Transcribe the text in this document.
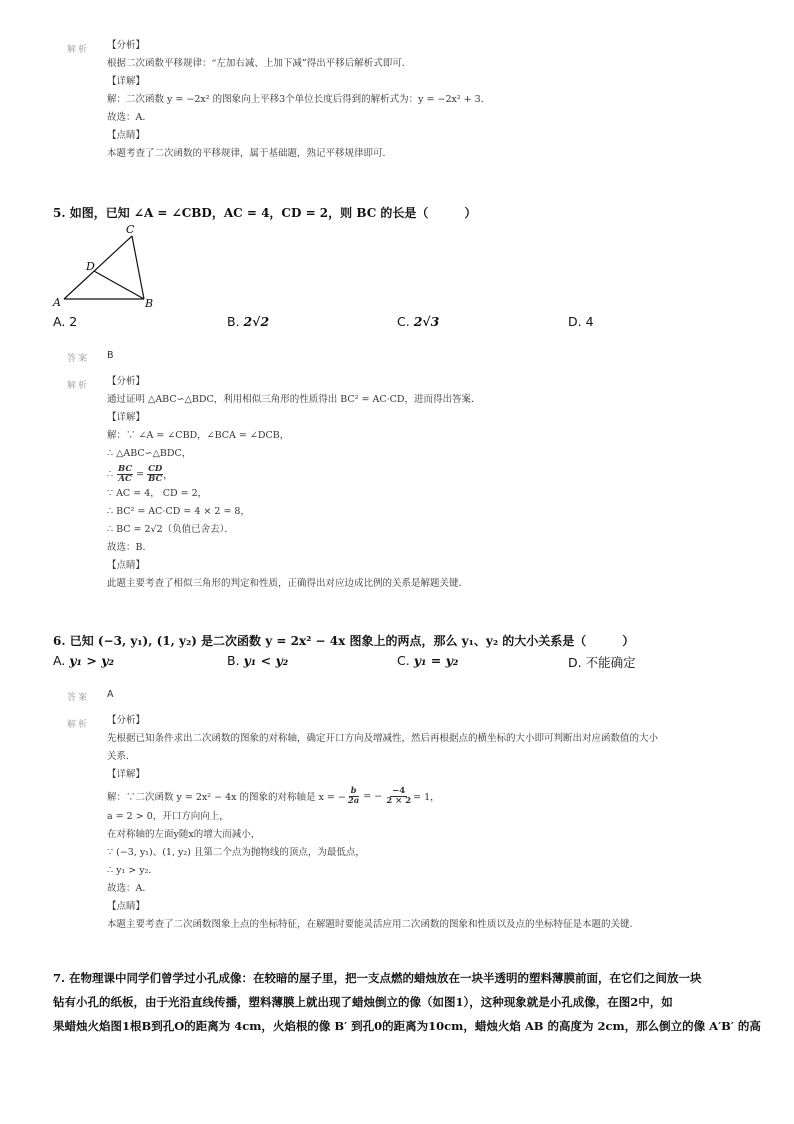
解析 【分析】
根据二次函数平移规律：“左加右减、上加下减”得出平移后解析式即可．
【详解】
解：二次函数 y = −2x² 的图象向上平移3个单位长度后得到的解析式为：y = −2x² + 3．
故选：A．
【点睛】
本题考查了二次函数的平移规律，属于基础题，熟记平移规律即可．
5. 如图，已知 ∠A = ∠CBD，AC = 4，CD = 2，则 BC 的长是（　　　）
C
D
A	B
A. 2	B. 2√2	C. 2√3	D. 4
答案 B
解析 【分析】
通过证明 △ABC∽△BDC，利用相似三角形的性质得出 BC² = AC·CD，进而得出答案．
【详解】
解：∵ ∠A = ∠CBD，∠BCA = ∠DCB，
∴ △ABC∽△BDC，
∴ $\frac{BC}{AC} = \frac{CD}{BC}$ ，
∵ AC = 4， CD = 2，
∴ BC² = AC·CD = 4 × 2 = 8，
∴ BC = 2√2（负值已舍去）．
故选：B．
【点睛】
此题主要考查了相似三角形的判定和性质，正确得出对应边成比例的关系是解题关键．
6. 已知 (−3, y₁), (1, y₂) 是二次函数 y = 2x² − 4x 图象上的两点，那么 y₁、y₂ 的大小关系是（　　　）
A. y₁ > y₂	B. y₁ < y₂	C. y₁ = y₂	D. 不能确定
答案 A
解析 【分析】
先根据已知条件求出二次函数的图象的对称轴，确定开口方向及增减性，然后再根据点的横坐标的大小即可判断出对应函数值的大小
关系．
【详解】
解：∵二次函数 y = 2x² − 4x 的图象的对称轴是 x = − $\frac{b}{2a}$ = − $\frac{-4}{2 \times 2} = 1$，
a = 2 > 0，开口方向向上，
在对称轴的左面y随x的增大而减小，
∵ (−3, y₁)、(1, y₂) 且第二个点为抛物线的顶点，为最低点，
∴ y₁ > y₂．
故选：A．
【点睛】
本题主要考查了二次函数图象上点的坐标特征，在解题时要能灵活应用二次函数的图象和性质以及点的坐标特征是本题的关键．
7. 在物理课中同学们曾学过小孔成像：在较暗的屋子里，把一支点燃的蜡烛放在一块半透明的塑料薄膜前面，在它们之间放一块
钻有小孔的纸板，由于光沿直线传播，塑料薄膜上就出现了蜡烛倒立的像（如图1），这种现象就是小孔成像，在图2中，如
果蜡烛火焰图1根B到孔O的距离为 4cm，火焰根的像 B′ 到孔0的距离为10cm，蜡烛火焰 AB 的高度为 2cm，那么倒立的像 A′B′ 的高
